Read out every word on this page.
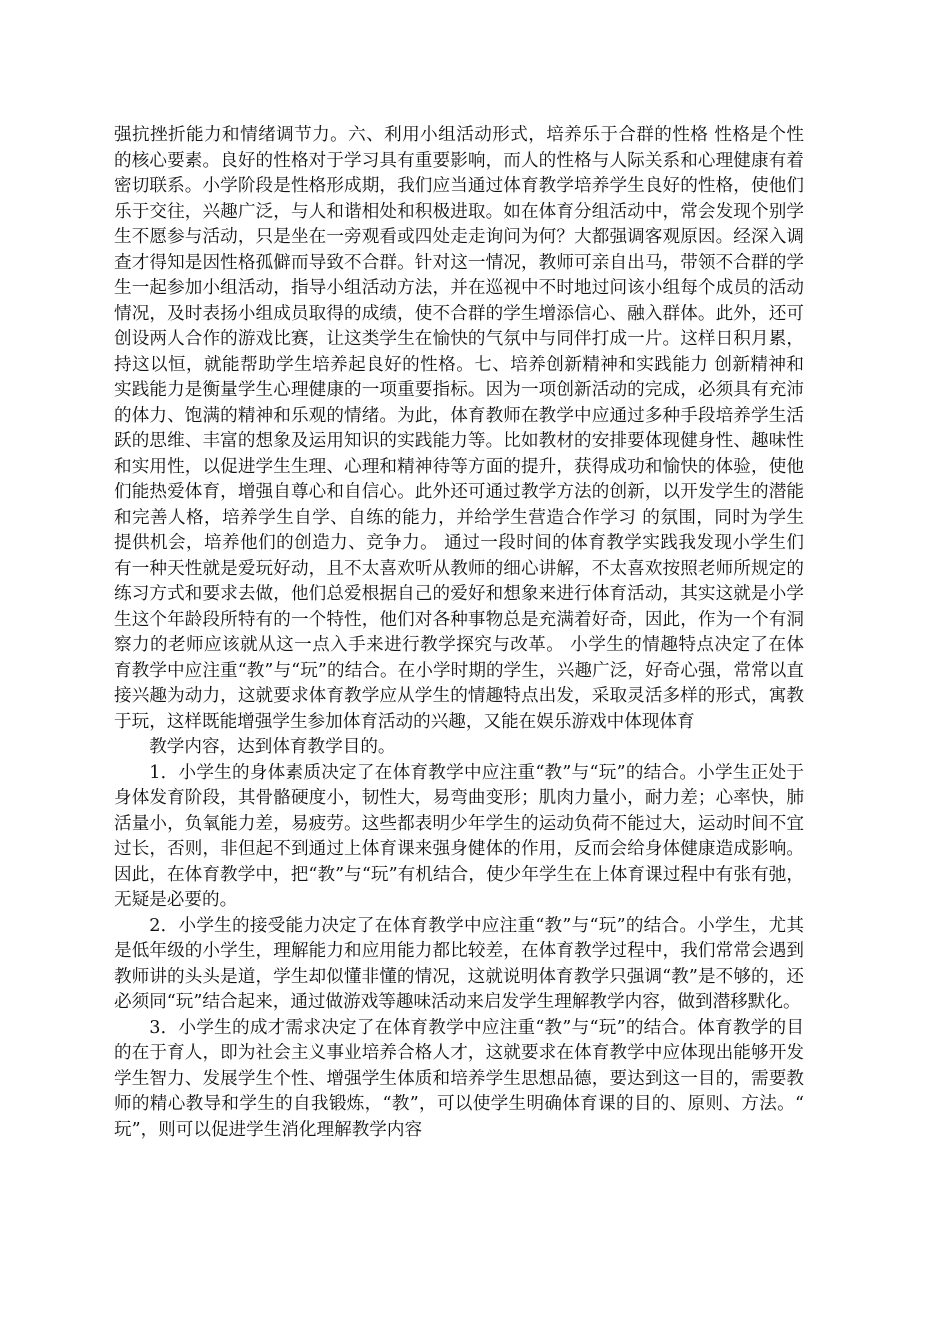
强抗挫折能力和情绪调节力。六、利用小组活动形式，培养乐于合群的性格 性格是个性的核心要素。良好的性格对于学习具有重要影响，而人的性格与人际关系和心理健康有着密切联系。小学阶段是性格形成期，我们应当通过体育教学培养学生良好的性格，使他们乐于交往，兴趣广泛，与人和谐相处和积极进取。如在体育分组活动中，常会发现个别学生不愿参与活动，只是坐在一旁观看或四处走走询问为何？大都强调客观原因。经深入调查才得知是因性格孤僻而导致不合群。针对这一情况，教师可亲自出马，带领不合群的学生一起参加小组活动，指导小组活动方法，并在巡视中不时地过问该小组每个成员的活动情况，及时表扬小组成员取得的成绩，使不合群的学生增添信心、融入群体。此外，还可创设两人合作的游戏比赛，让这类学生在愉快的气氛中与同伴打成一片。这样日积月累，持这以恒，就能帮助学生培养起良好的性格。七、培养创新精神和实践能力 创新精神和实践能力是衡量学生心理健康的一项重要指标。因为一项创新活动的完成，必须具有充沛的体力、饱满的精神和乐观的情绪。为此，体育教师在教学中应通过多种手段培养学生活跃的思维、丰富的想象及运用知识的实践能力等。比如教材的安排要体现健身性、趣味性和实用性，以促进学生生理、心理和精神待等方面的提升，获得成功和愉快的体验，使他们能热爱体育，增强自尊心和自信心。此外还可通过教学方法的创新，以开发学生的潜能和完善人格，培养学生自学、自练的能力，并给学生营造合作学习 的氛围，同时为学生提供机会，培养他们的创造力、竞争力。 通过一段时间的体育教学实践我发现小学生们有一种天性就是爱玩好动，且不太喜欢听从教师的细心讲解，不太喜欢按照老师所规定的练习方式和要求去做，他们总爱根据自己的爱好和想象来进行体育活动，其实这就是小学生这个年龄段所特有的一个特性，他们对各种事物总是充满着好奇，因此，作为一个有洞察力的老师应该就从这一点入手来进行教学探究与改革。 小学生的情趣特点决定了在体育教学中应注重“教”与“玩”的结合。在小学时期的学生，兴趣广泛，好奇心强，常常以直接兴趣为动力，这就要求体育教学应从学生的情趣特点出发，采取灵活多样的形式，寓教于玩，这样既能增强学生参加体育活动的兴趣，又能在娱乐游戏中体现体育

教学内容，达到体育教学目的。

1．小学生的身体素质决定了在体育教学中应注重“教”与“玩”的结合。小学生正处于身体发育阶段，其骨骼硬度小，韧性大，易弯曲变形；肌肉力量小，耐力差；心率快，肺活量小，负氧能力差，易疲劳。这些都表明少年学生的运动负荷不能过大，运动时间不宜过长，否则，非但起不到通过上体育课来强身健体的作用，反而会给身体健康造成影响。因此，在体育教学中，把“教”与“玩”有机结合，使少年学生在上体育课过程中有张有弛，无疑是必要的。

2．小学生的接受能力决定了在体育教学中应注重“教”与“玩”的结合。小学生，尤其是低年级的小学生，理解能力和应用能力都比较差，在体育教学过程中，我们常常会遇到教师讲的头头是道，学生却似懂非懂的情况，这就说明体育教学只强调“教”是不够的，还必须同“玩”结合起来，通过做游戏等趣味活动来启发学生理解教学内容，做到潜移默化。

3．小学生的成才需求决定了在体育教学中应注重“教”与“玩”的结合。体育教学的目的在于育人，即为社会主义事业培养合格人才，这就要求在体育教学中应体现出能够开发学生智力、发展学生个性、增强学生体质和培养学生思想品德，要达到这一目的，需要教师的精心教导和学生的自我锻炼，“教”，可以使学生明确体育课的目的、原则、方法。“玩”，则可以促进学生消化理解教学内容
